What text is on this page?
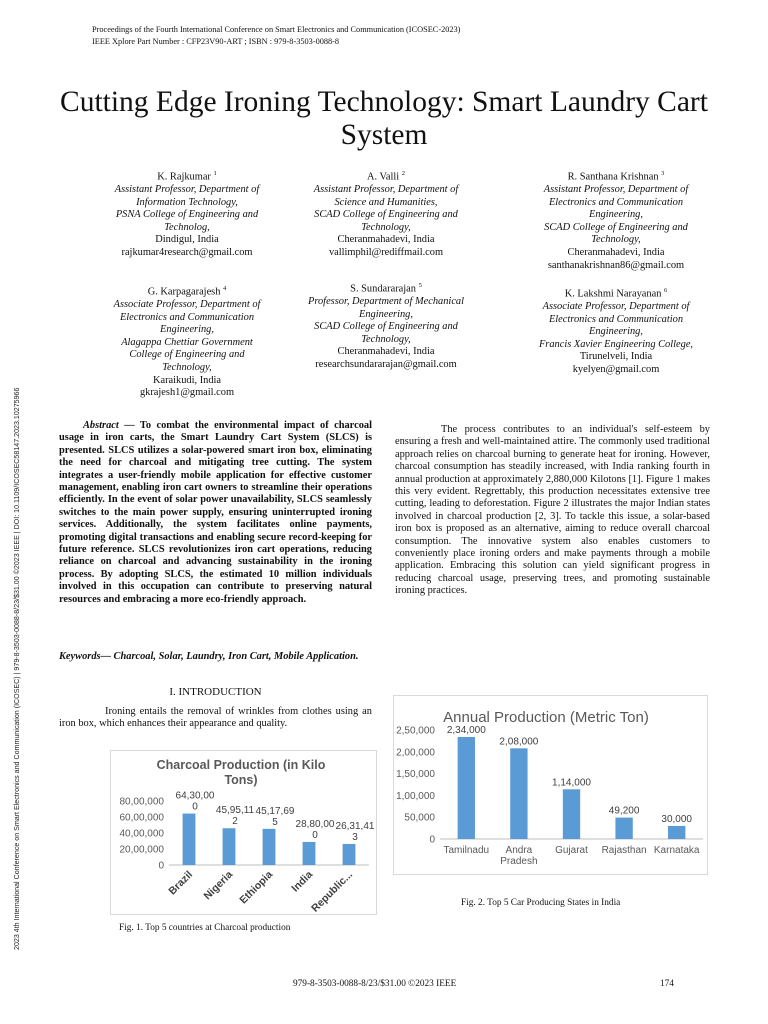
Proceedings of the Fourth International Conference on Smart Electronics and Communication (ICOSEC-2023)
IEEE Xplore Part Number : CFP23V90-ART ; ISBN : 979-8-3503-0088-8
2023 4th International Conference on Smart Electronics and Communication (ICOSEC) | 979-8-3503-0088-8/23/$31.00 ©2023 IEEE | DOI: 10.1109/ICOSEC58147.2023.10275966
Cutting Edge Ironing Technology: Smart Laundry Cart System
K. Rajkumar $^1$
Assistant Professor, Department of
Information Technology,
PSNA College of Engineering and
Technolog,
Dindigul, India
rajkumar4research@gmail.com
A. Valli $^2$
Assistant Professor, Department of
Science and Humanities,
SCAD College of Engineering and
Technology,
Cheranmahadevi, India
vallimphil@rediffmail.com
R. Santhana Krishnan $^3$
Assistant Professor, Department of
Electronics and Communication
Engineering,
SCAD College of Engineering and
Technology,
Cheranmahadevi, India
santhanakrishnan86@gmail.com
G. Karpagarajesh $^4$
Associate Professor, Department of
Electronics and Communication
Engineering,
Alagappa Chettiar Government
College of Engineering and
Technology,
Karaikudi, India
gkrajesh1@gmail.com
S. Sundararajan $^5$
Professor, Department of Mechanical
Engineering,
SCAD College of Engineering and
Technology,
Cheranmahadevi, India
researchsundararajan@gmail.com
K. Lakshmi Narayanan $^6$
Associate Professor, Department of
Electronics and Communication
Engineering,
Francis Xavier Engineering College,
Tirunelveli, India
kyelyen@gmail.com
Abstract — To combat the environmental impact of charcoal usage in iron carts, the Smart Laundry Cart System (SLCS) is presented. SLCS utilizes a solar-powered smart iron box, eliminating the need for charcoal and mitigating tree cutting. The system integrates a user-friendly mobile application for effective customer management, enabling iron cart owners to streamline their operations efficiently. In the event of solar power unavailability, SLCS seamlessly switches to the main power supply, ensuring uninterrupted ironing services. Additionally, the system facilitates online payments, promoting digital transactions and enabling secure record-keeping for future reference. SLCS revolutionizes iron cart operations, reducing reliance on charcoal and advancing sustainability in the ironing process. By adopting SLCS, the estimated 10 million individuals involved in this occupation can contribute to preserving natural resources and embracing a more eco-friendly approach.
Keywords— Charcoal, Solar, Laundry, Iron Cart, Mobile Application.
The process contributes to an individual's self-esteem by ensuring a fresh and well-maintained attire. The commonly used traditional approach relies on charcoal burning to generate heat for ironing. However, charcoal consumption has steadily increased, with India ranking fourth in annual production at approximately 2,880,000 Kilotons [1]. Figure 1 makes this very evident. Regrettably, this production necessitates extensive tree cutting, leading to deforestation. Figure 2 illustrates the major Indian states involved in charcoal production [2, 3]. To tackle this issue, a solar-based iron box is proposed as an alternative, aiming to reduce overall charcoal consumption. The innovative system also enables customers to conveniently place ironing orders and make payments through a mobile application. Embracing this solution can yield significant progress in reducing charcoal usage, preserving trees, and promoting sustainable ironing practices.
I. INTRODUCTION
Ironing entails the removal of wrinkles from clothes using an iron box, which enhances their appearance and quality.
Charcoal Production (in Kilo
Tons)
0
20,00,000
40,00,000
60,00,000
80,00,000
64,30,00
0
Brazil
45,95,11
2
Nigeria
45,17,69
5
Ethiopia
28,80,00
0
India
26,31,41
3
Republic...
Fig. 1. Top 5 countries at Charcoal production
Annual Production (Metric Ton)
0
50,000
1,00,000
1,50,000
2,00,000
2,50,000 2,34,000
Tamilnadu
2,08,000
Andra
Pradesh
1,14,000
Gujarat
49,200
Rajasthan
30,000
Karnataka
Fig. 2. Top 5 Car Producing States in India
979-8-3503-0088-8/23/$31.00 ©2023 IEEE	174
